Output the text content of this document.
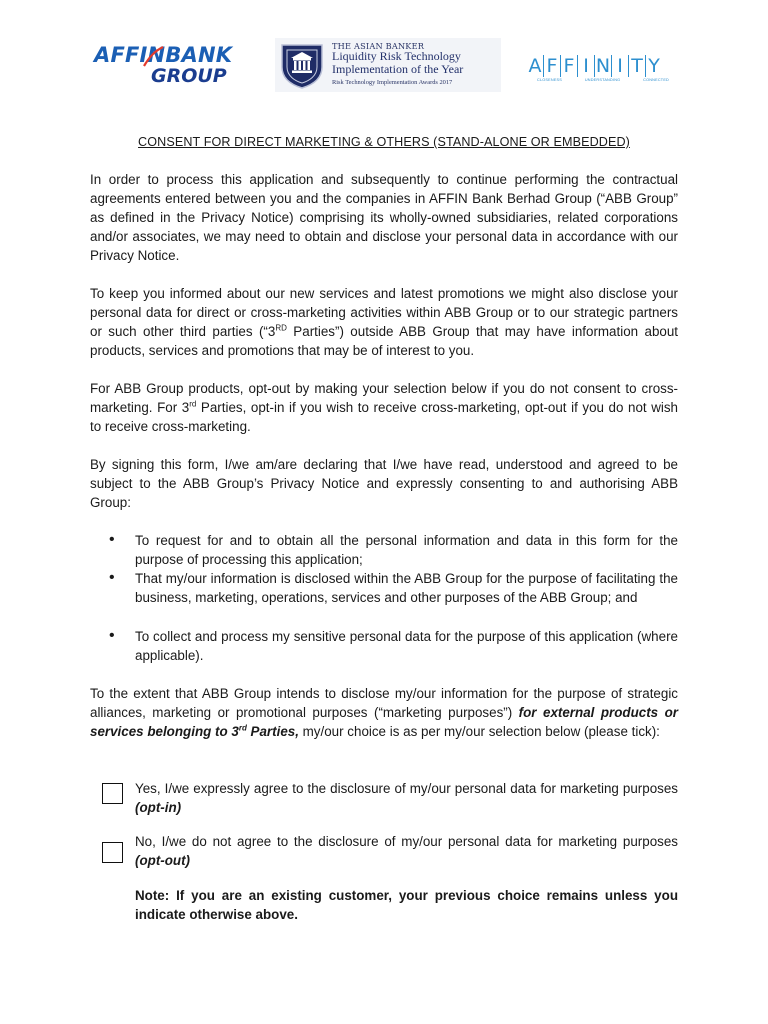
AFFINBANK
GROUP
THE ASIAN BANKER
Liquidity Risk Technology
Implementation of the Year
Risk Technology Implementation Awards 2017
A F F I N I T Y
CLOSENESS	UNDERSTANDING	CONNECTED
CONSENT FOR DIRECT MARKETING & OTHERS (STAND-ALONE OR EMBEDDED)
In order to process this application and subsequently to continue performing the contractual agreements entered between you and the companies in AFFIN Bank Berhad Group (“ABB Group” as defined in the Privacy Notice) comprising its wholly-owned subsidiaries, related corporations and/or associates, we may need to obtain and disclose your personal data in accordance with our Privacy Notice.
To keep you informed about our new services and latest promotions we might also disclose your personal data for direct or cross-marketing activities within ABB Group or to our strategic partners or such other third parties (“3RD Parties”) outside ABB Group that may have information about products, services and promotions that may be of interest to you.
For ABB Group products, opt-out by making your selection below if you do not consent to cross-marketing. For 3rd Parties, opt-in if you wish to receive cross-marketing, opt-out if you do not wish to receive cross-marketing.
By signing this form, I/we am/are declaring that I/we have read, understood and agreed to be subject to the ABB Group’s Privacy Notice and expressly consenting to and authorising ABB Group:
• To request for and to obtain all the personal information and data in this form for the purpose of processing this application;
• That my/our information is disclosed within the ABB Group for the purpose of facilitating the business, marketing, operations, services and other purposes of the ABB Group; and
• To collect and process my sensitive personal data for the purpose of this application (where applicable).
To the extent that ABB Group intends to disclose my/our information for the purpose of strategic alliances, marketing or promotional purposes (“marketing purposes”) for external products or services belonging to 3rd Parties, my/our choice is as per my/our selection below (please tick):
Yes, I/we expressly agree to the disclosure of my/our personal data for marketing purposes (opt-in)
No, I/we do not agree to the disclosure of my/our personal data for marketing purposes (opt-out)
Note: If you are an existing customer, your previous choice remains unless you indicate otherwise above.
